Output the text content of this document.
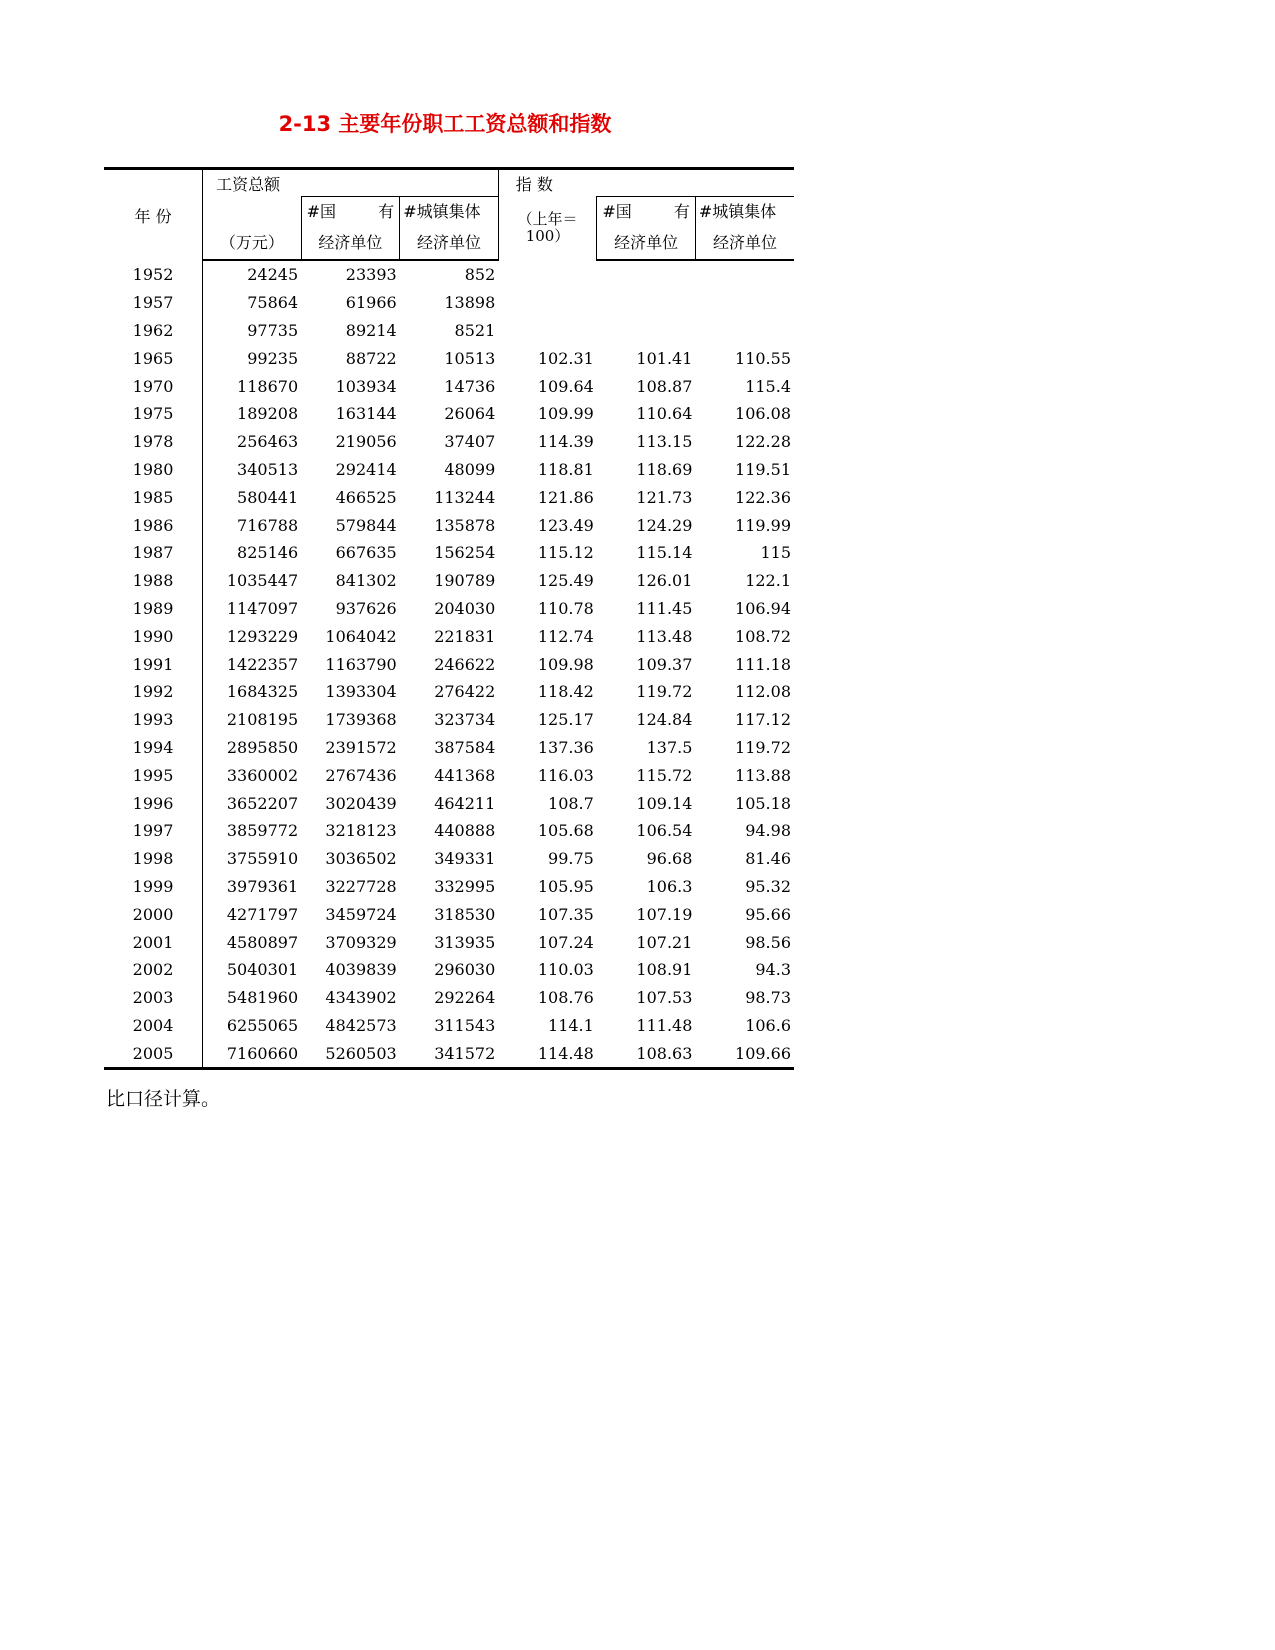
2-13 主要年份职工工资总额和指数
年 份	工资总额			指 数		

		#国 有	#城镇集体	（上年＝100）	#国 有	#城镇集体
	（万元）	经济单位	经济单位		经济单位	经济单位
1952	24245	23393	852			
1957	75864	61966	13898			
1962	97735	89214	8521			
1965	99235	88722	10513	102.31	101.41	110.55
1970	118670	103934	14736	109.64	108.87	115.4
1975	189208	163144	26064	109.99	110.64	106.08
1978	256463	219056	37407	114.39	113.15	122.28
1980	340513	292414	48099	118.81	118.69	119.51
1985	580441	466525	113244	121.86	121.73	122.36
1986	716788	579844	135878	123.49	124.29	119.99
1987	825146	667635	156254	115.12	115.14	115
1988	1035447	841302	190789	125.49	126.01	122.1
1989	1147097	937626	204030	110.78	111.45	106.94
1990	1293229	1064042	221831	112.74	113.48	108.72
1991	1422357	1163790	246622	109.98	109.37	111.18
1992	1684325	1393304	276422	118.42	119.72	112.08
1993	2108195	1739368	323734	125.17	124.84	117.12
1994	2895850	2391572	387584	137.36	137.5	119.72
1995	3360002	2767436	441368	116.03	115.72	113.88
1996	3652207	3020439	464211	108.7	109.14	105.18
1997	3859772	3218123	440888	105.68	106.54	94.98
1998	3755910	3036502	349331	99.75	96.68	81.46
1999	3979361	3227728	332995	105.95	106.3	95.32
2000	4271797	3459724	318530	107.35	107.19	95.66
2001	4580897	3709329	313935	107.24	107.21	98.56
2002	5040301	4039839	296030	110.03	108.91	94.3
2003	5481960	4343902	292264	108.76	107.53	98.73
2004	6255065	4842573	311543	114.1	111.48	106.6
2005	7160660	5260503	341572	114.48	108.63	109.66
比口径计算。
